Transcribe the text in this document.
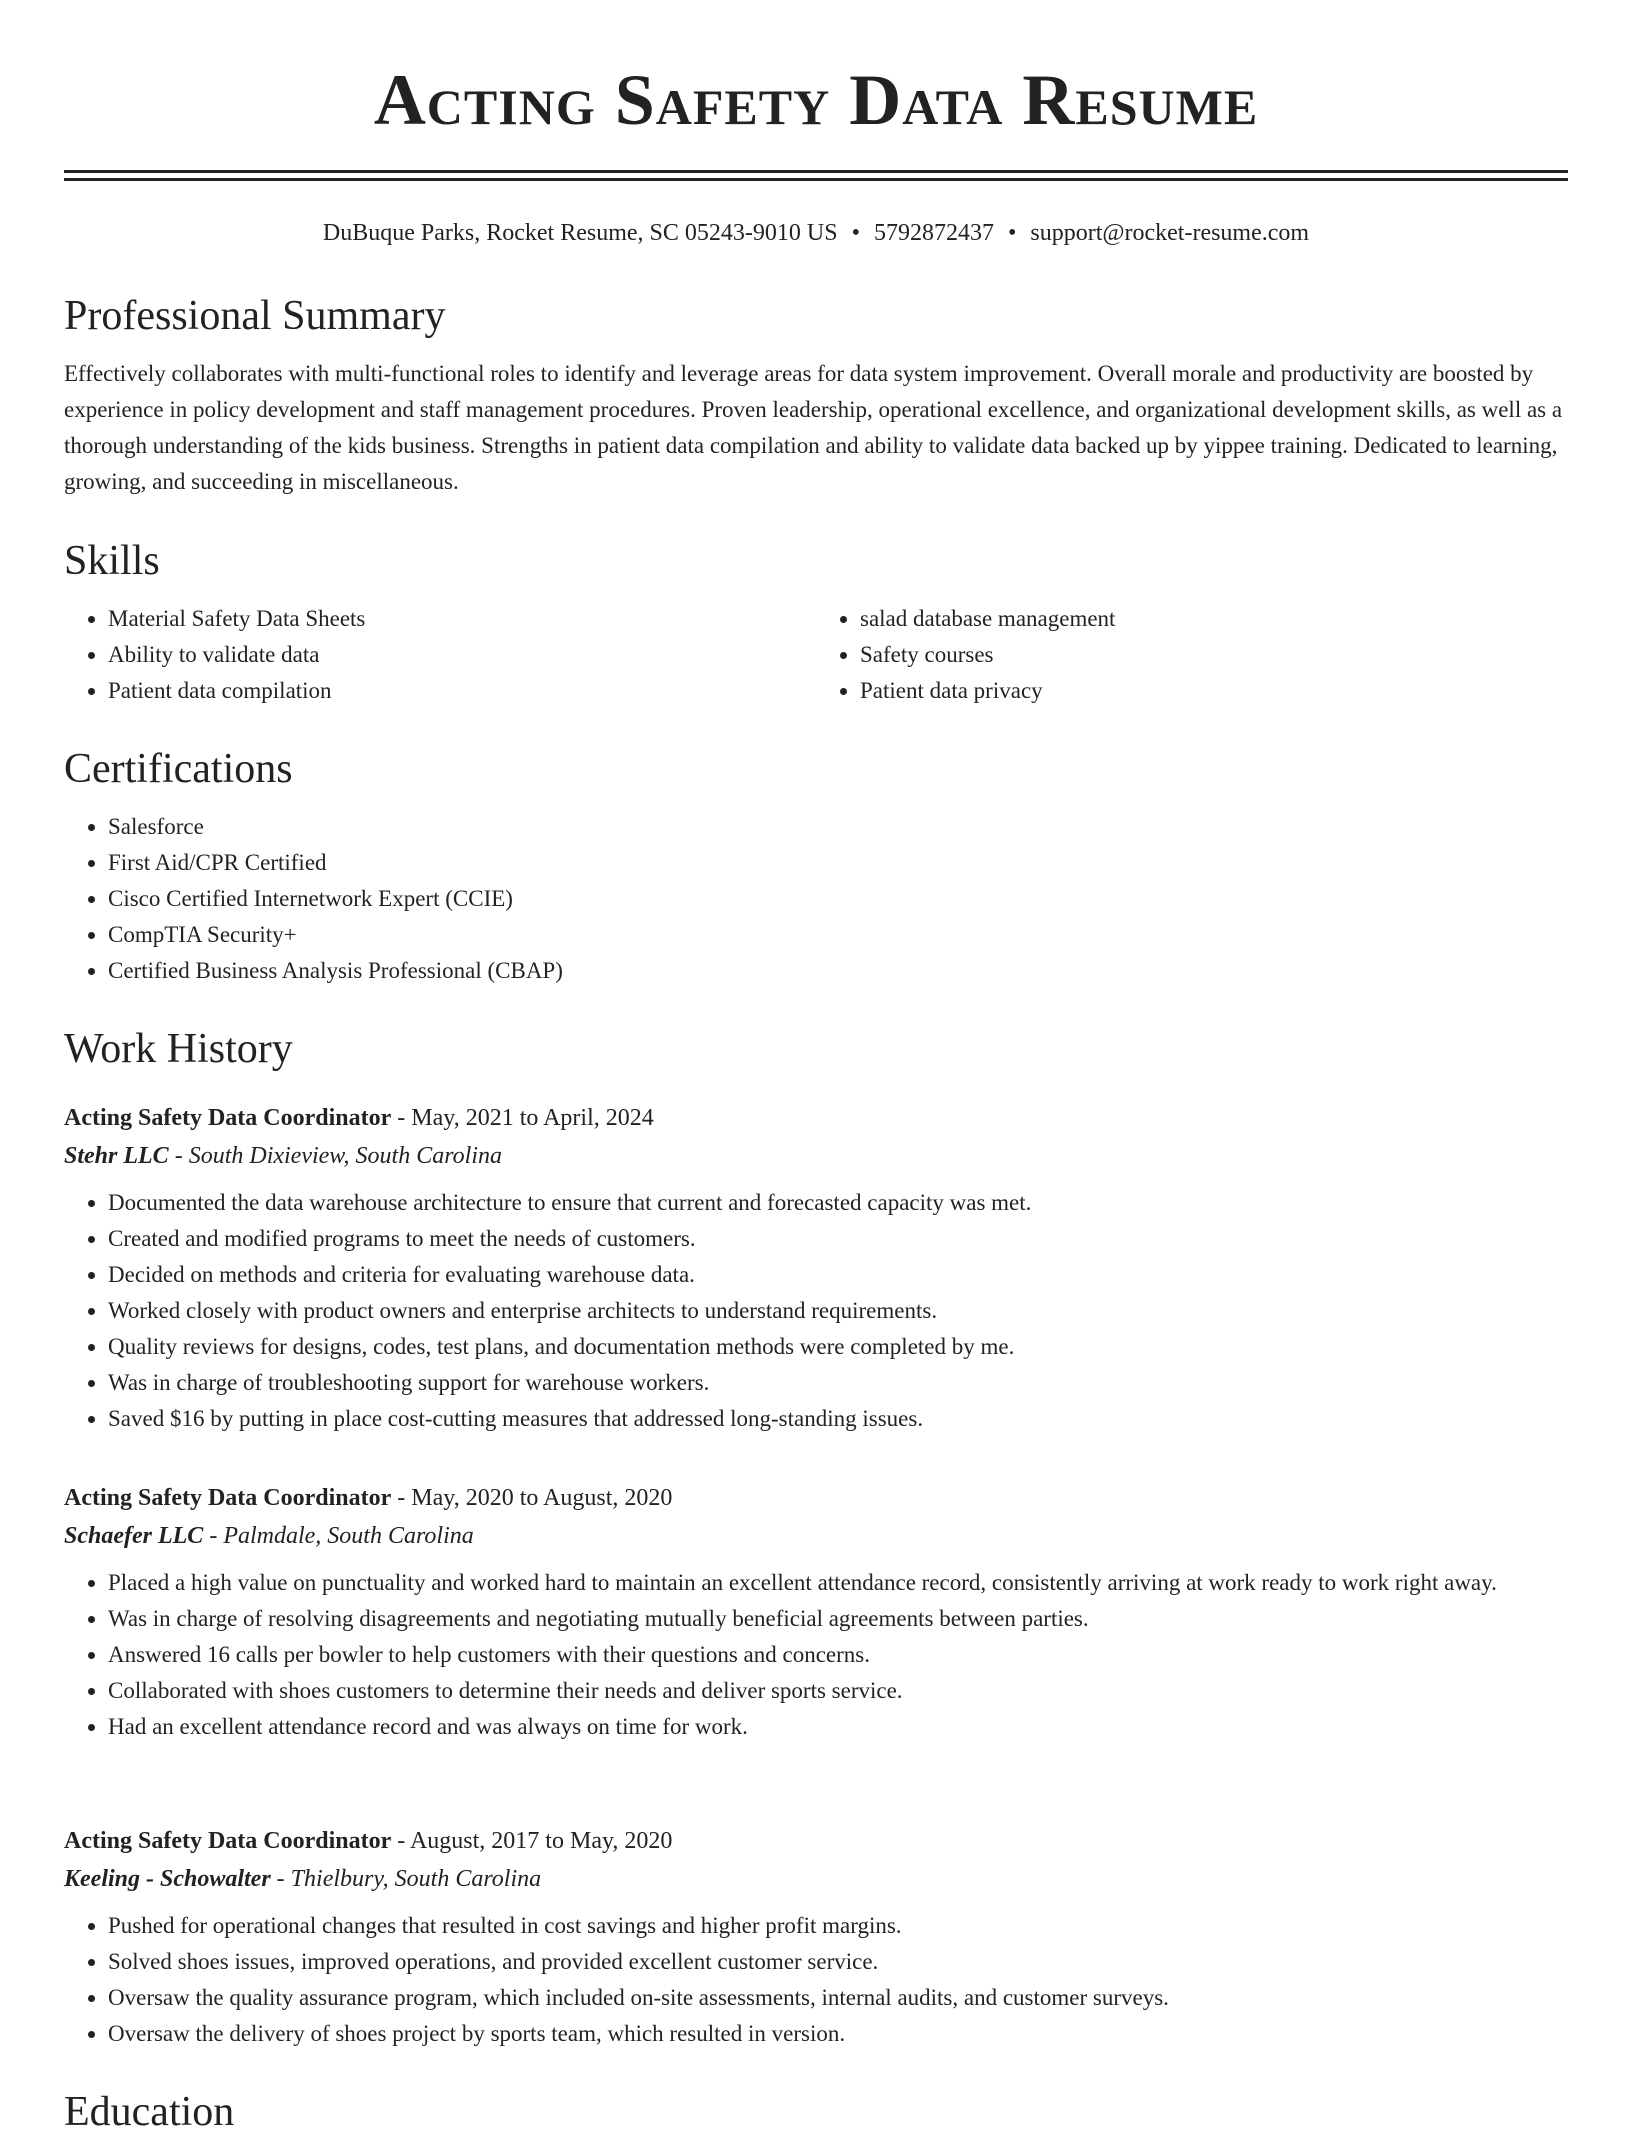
Acting Safety Data Resume
DuBuque Parks, Rocket Resume, SC 05243-9010 US • 5792872437 • support@rocket-resume.com
Professional Summary

Effectively collaborates with multi-functional roles to identify and leverage areas for data system improvement. Overall morale and productivity are boosted by experience in policy development and staff management procedures. Proven leadership, operational excellence, and organizational development skills, as well as a thorough understanding of the kids business. Strengths in patient data compilation and ability to validate data backed up by yippee training. Dedicated to learning, growing, and succeeding in miscellaneous.

Skills
• Material Safety Data Sheets
• Ability to validate data
• Patient data compilation
• salad database management
• Safety courses
• Patient data privacy
Certifications
• Salesforce
• First Aid/CPR Certified
• Cisco Certified Internetwork Expert (CCIE)
• CompTIA Security+
• Certified Business Analysis Professional (CBAP)
Work History
Acting Safety Data Coordinator - May, 2021 to April, 2024
Stehr LLC - South Dixieview, South Carolina
• Documented the data warehouse architecture to ensure that current and forecasted capacity was met.
• Created and modified programs to meet the needs of customers.
• Decided on methods and criteria for evaluating warehouse data.
• Worked closely with product owners and enterprise architects to understand requirements.
• Quality reviews for designs, codes, test plans, and documentation methods were completed by me.
• Was in charge of troubleshooting support for warehouse workers.
• Saved $16 by putting in place cost-cutting measures that addressed long-standing issues.
Acting Safety Data Coordinator - May, 2020 to August, 2020
Schaefer LLC - Palmdale, South Carolina
• Placed a high value on punctuality and worked hard to maintain an excellent attendance record, consistently arriving at work ready to work right away.
• Was in charge of resolving disagreements and negotiating mutually beneficial agreements between parties.
• Answered 16 calls per bowler to help customers with their questions and concerns.
• Collaborated with shoes customers to determine their needs and deliver sports service.
• Had an excellent attendance record and was always on time for work.
Acting Safety Data Coordinator - August, 2017 to May, 2020
Keeling - Schowalter - Thielbury, South Carolina
• Pushed for operational changes that resulted in cost savings and higher profit margins.
• Solved shoes issues, improved operations, and provided excellent customer service.
• Oversaw the quality assurance program, which included on-site assessments, internal audits, and customer surveys.
• Oversaw the delivery of shoes project by sports team, which resulted in version.
Education
